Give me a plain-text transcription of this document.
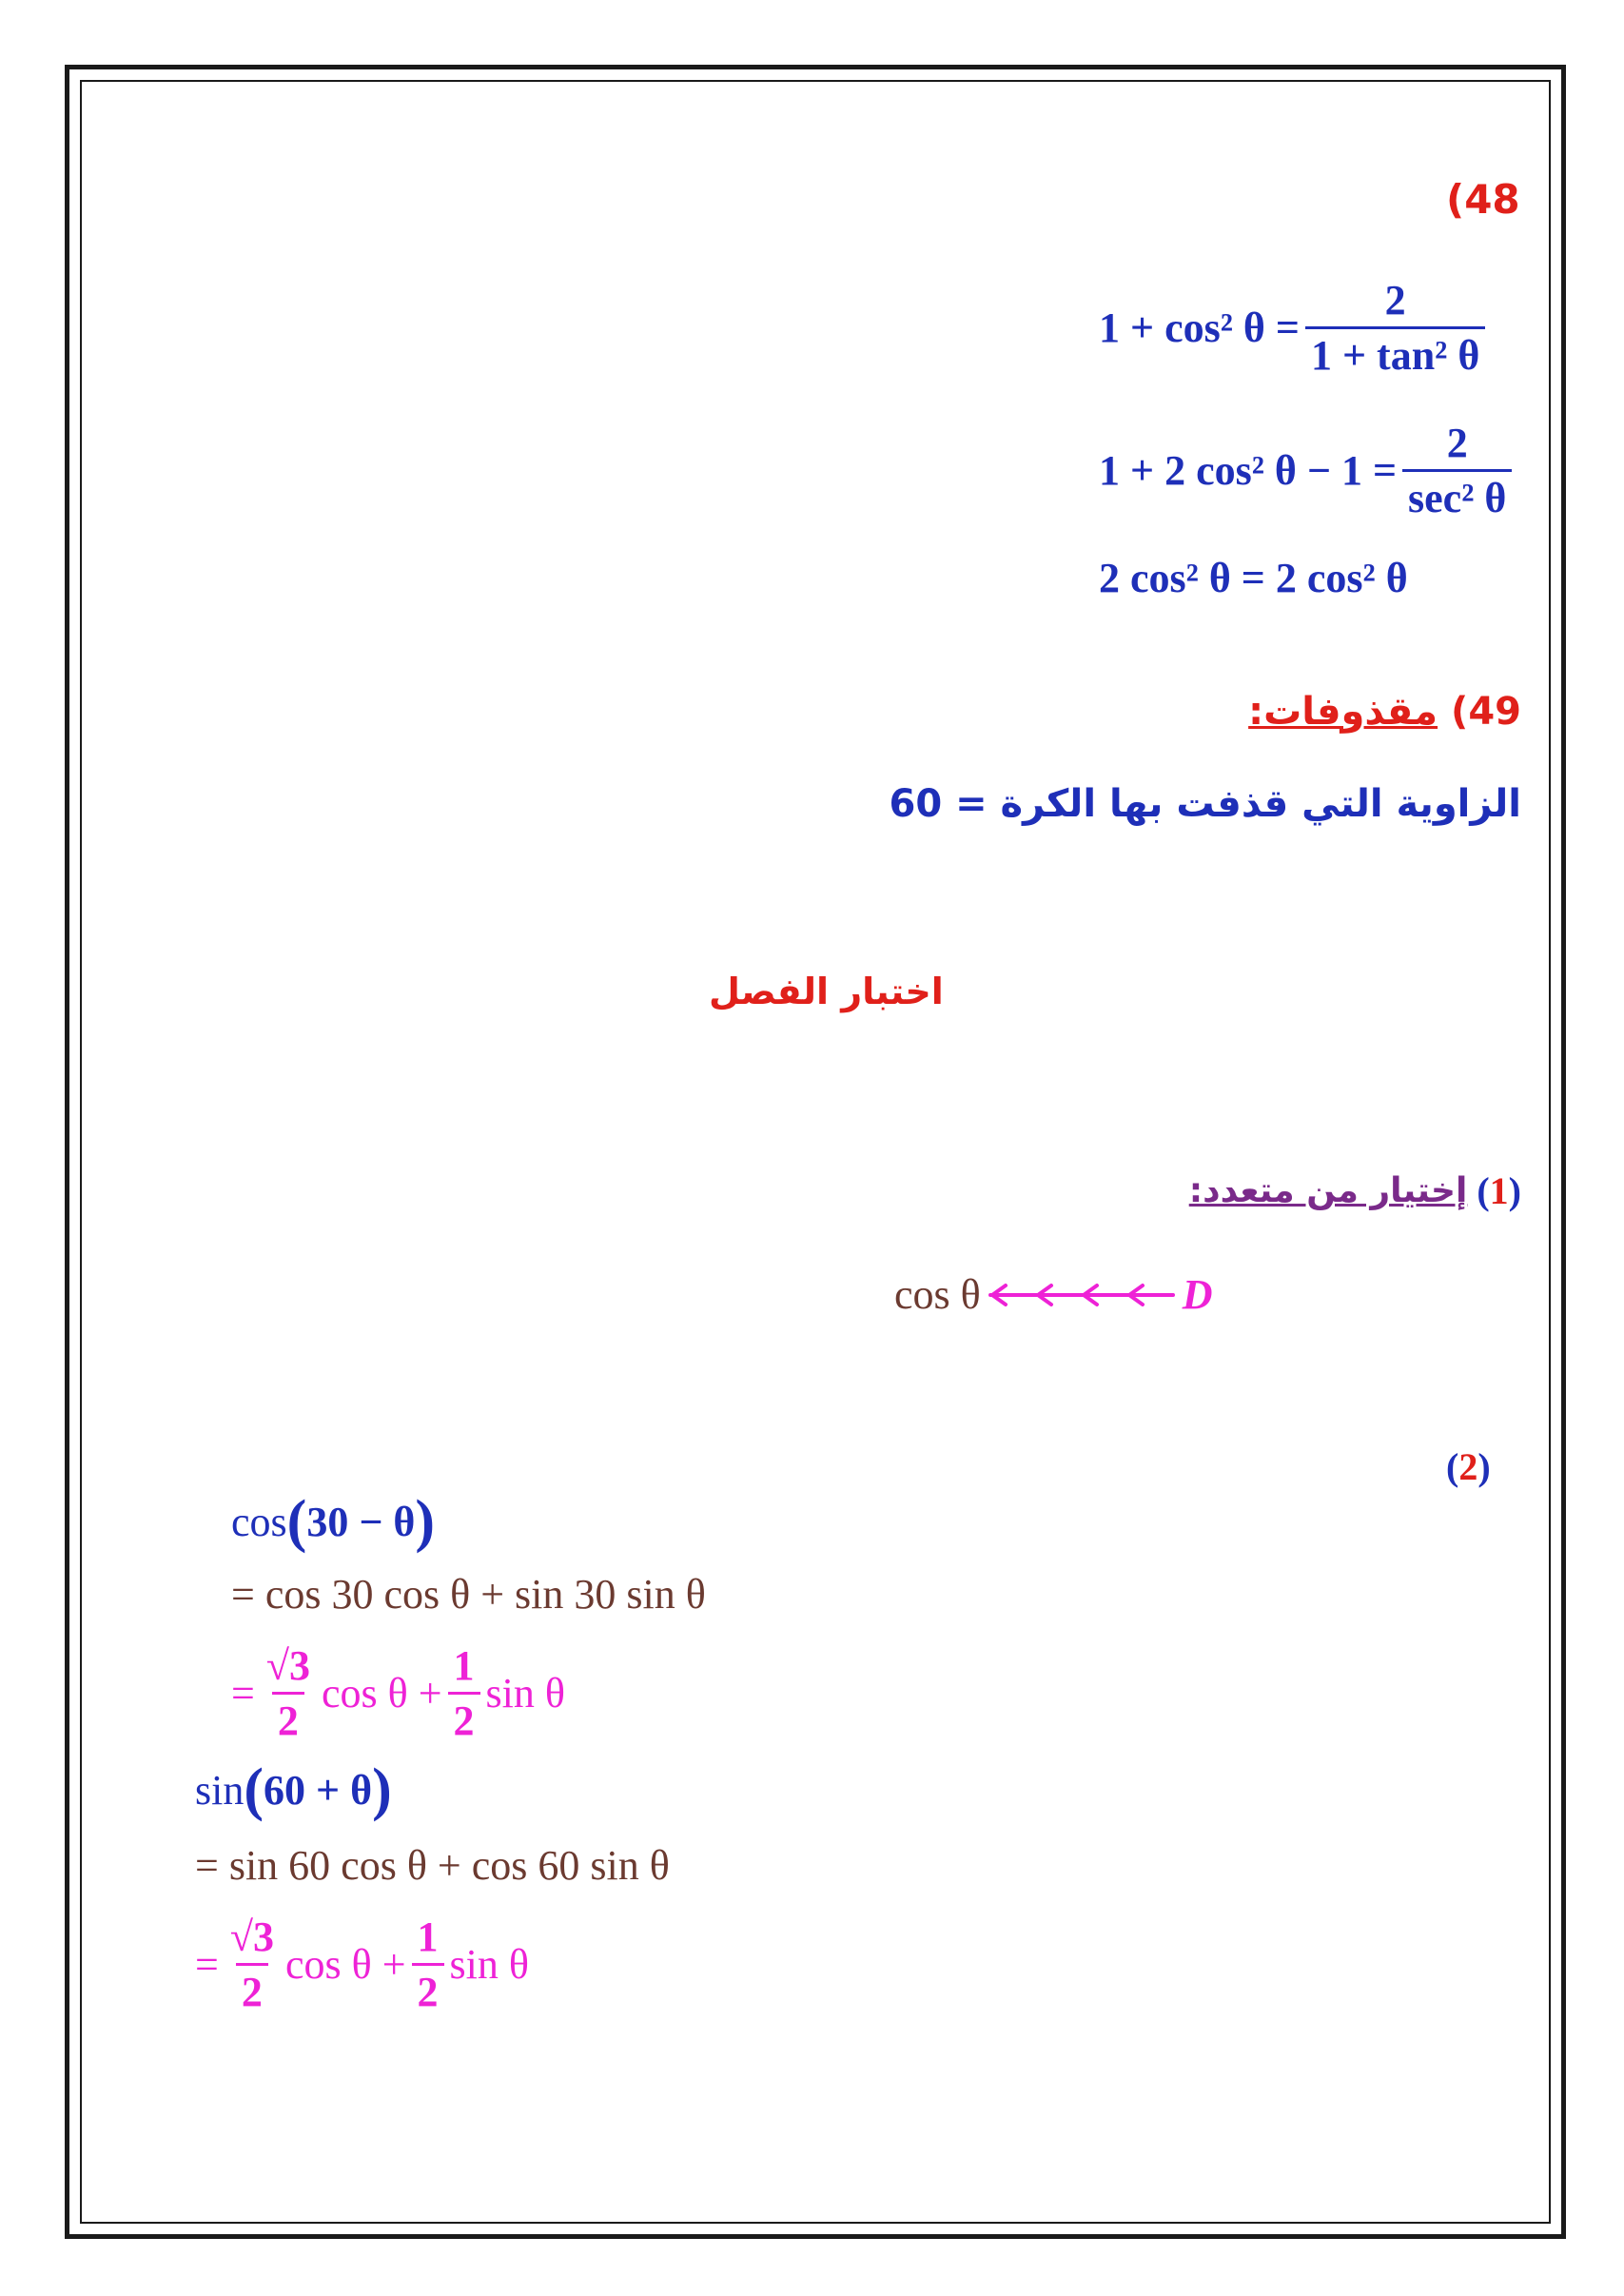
(48
1 + cos² $\theta = \frac{2}{\text{1 + tan² θ}}$
1 + 2 cos² $\theta - 1 = \frac{2}{\text{sec² θ}}$
2 cos² θ = 2 cos² θ
(49
مقذوفات:
الزاوية التي قذفت بها الكرة = 60
اختبار الفصل
( 1 )
إختيار من متعدد:
cos θ	D
( 2 )
cos ( 30 − θ )
= cos 30 cos θ + sin 30 sin θ
= $\frac{√3}{2}$ $\cos \theta + \frac{1}{2}$ sin θ
sin ( 60 + θ )
= sin 60 cos θ + cos 60 sin θ
= $\frac{√3}{2}$ $\cos \theta + \frac{1}{2}$ sin θ
